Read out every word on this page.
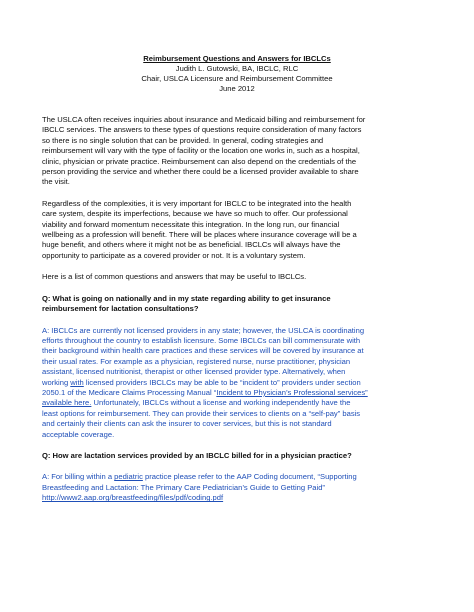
Reimbursement Questions and Answers for IBCLCs
Judith L. Gutowski, BA, IBCLC, RLC
Chair, USLCA Licensure and Reimbursement Committee
June 2012
The USLCA often receives inquiries about insurance and Medicaid billing and reimbursement for
IBCLC services. The answers to these types of questions require consideration of many factors
so there is no single solution that can be provided. In general, coding strategies and
reimbursement will vary with the type of facility or the location one works in, such as a hospital,
clinic, physician or private practice. Reimbursement can also depend on the credentials of the
person providing the service and whether there could be a licensed provider available to share
the visit.
Regardless of the complexities, it is very important for IBCLC to be integrated into the health
care system, despite its imperfections, because we have so much to offer. Our professional
viability and forward momentum necessitate this integration. In the long run, our financial
wellbeing as a profession will benefit. There will be places where insurance coverage will be a
huge benefit, and others where it might not be as beneficial. IBCLCs will always have the
opportunity to participate as a covered provider or not. It is a voluntary system.
Here is a list of common questions and answers that may be useful to IBCLCs.
Q: What is going on nationally and in my state regarding ability to get insurance
reimbursement for lactation consultations?
A: IBCLCs are currently not licensed providers in any state; however, the USLCA is coordinating
efforts throughout the country to establish licensure. Some IBCLCs can bill commensurate with
their background within health care practices and these services will be covered by insurance at
their usual rates. For example as a physician, registered nurse, nurse practitioner, physician
assistant, licensed nutritionist, therapist or other licensed provider type. Alternatively, when
working with licensed providers IBCLCs may be able to be “incident to” providers under section
2050.1 of the Medicare Claims Processing Manual “Incident to Physician’s Professional services”
available here. Unfortunately, IBCLCs without a license and working independently have the
least options for reimbursement. They can provide their services to clients on a “self-pay” basis
and certainly their clients can ask the insurer to cover services, but this is not standard
acceptable coverage.
Q: How are lactation services provided by an IBCLC billed for in a physician practice?
A: For billing within a pediatric practice please refer to the AAP Coding document, “Supporting
Breastfeeding and Lactation: The Primary Care Pediatrician’s Guide to Getting Paid”
http://www2.aap.org/breastfeeding/files/pdf/coding.pdf
